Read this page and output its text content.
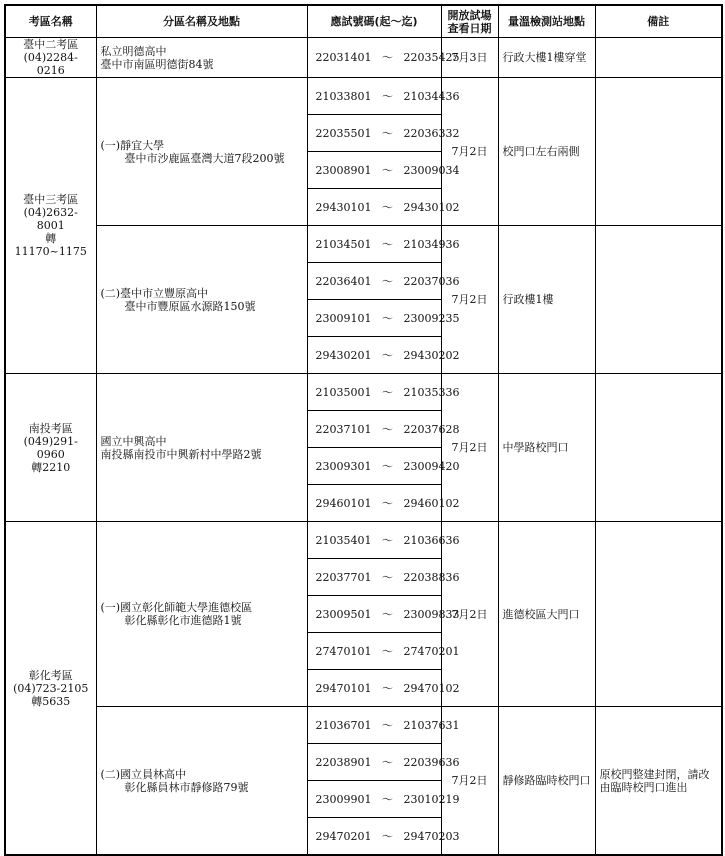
考區名稱	分區名稱及地點	應試號碼(起～迄)	開放試場
查看日期	量溫檢測站地點	備註
臺中二考區
(04)2284-0216	私立明德高中
臺中市南區明德街84號	22031401 ～ 22035425	7月3日	行政大樓1樓穿堂	
臺中三考區
(04)2632-8001
轉11170~1175	(一)靜宜大學
臺中市沙鹿區臺灣大道7段200號	21033801 ～ 21034436	7月2日	校門口左右兩側	
		22035501 ～ 22036332			
		23008901 ～ 23009034			
		29430101 ～ 29430102			

	(二)臺中市立豐原高中
臺中市豐原區水源路150號	21034501 ～ 21034936	7月2日	行政樓1樓	
		22036401 ～ 22037036			
		23009101 ～ 23009235			
		29430201 ～ 29430202			
南投考區
(049)291-0960
轉2210	國立中興高中
南投縣南投市中興新村中學路2號	21035001 ～ 21035336	7月2日	中學路校門口	
		22037101 ～ 22037628			
		23009301 ～ 23009420			
		29460101 ～ 29460102			
彰化考區
(04)723-2105
轉5635	(一)國立彰化師範大學進德校區
彰化縣彰化市進德路1號	21035401 ～ 21036636	7月2日	進德校區大門口	
		22037701 ～ 22038836			
		23009501 ～ 23009833			
		27470101 ～ 27470201			
		29470101 ～ 29470102			

	(二)國立員林高中
彰化縣員林市靜修路79號	21036701 ～ 21037631	7月2日	靜修路臨時校門口	原校門整建封閉，請改由臨時校門口進出
		22038901 ～ 22039636			
		23009901 ～ 23010219			
		29470201 ～ 29470203			
